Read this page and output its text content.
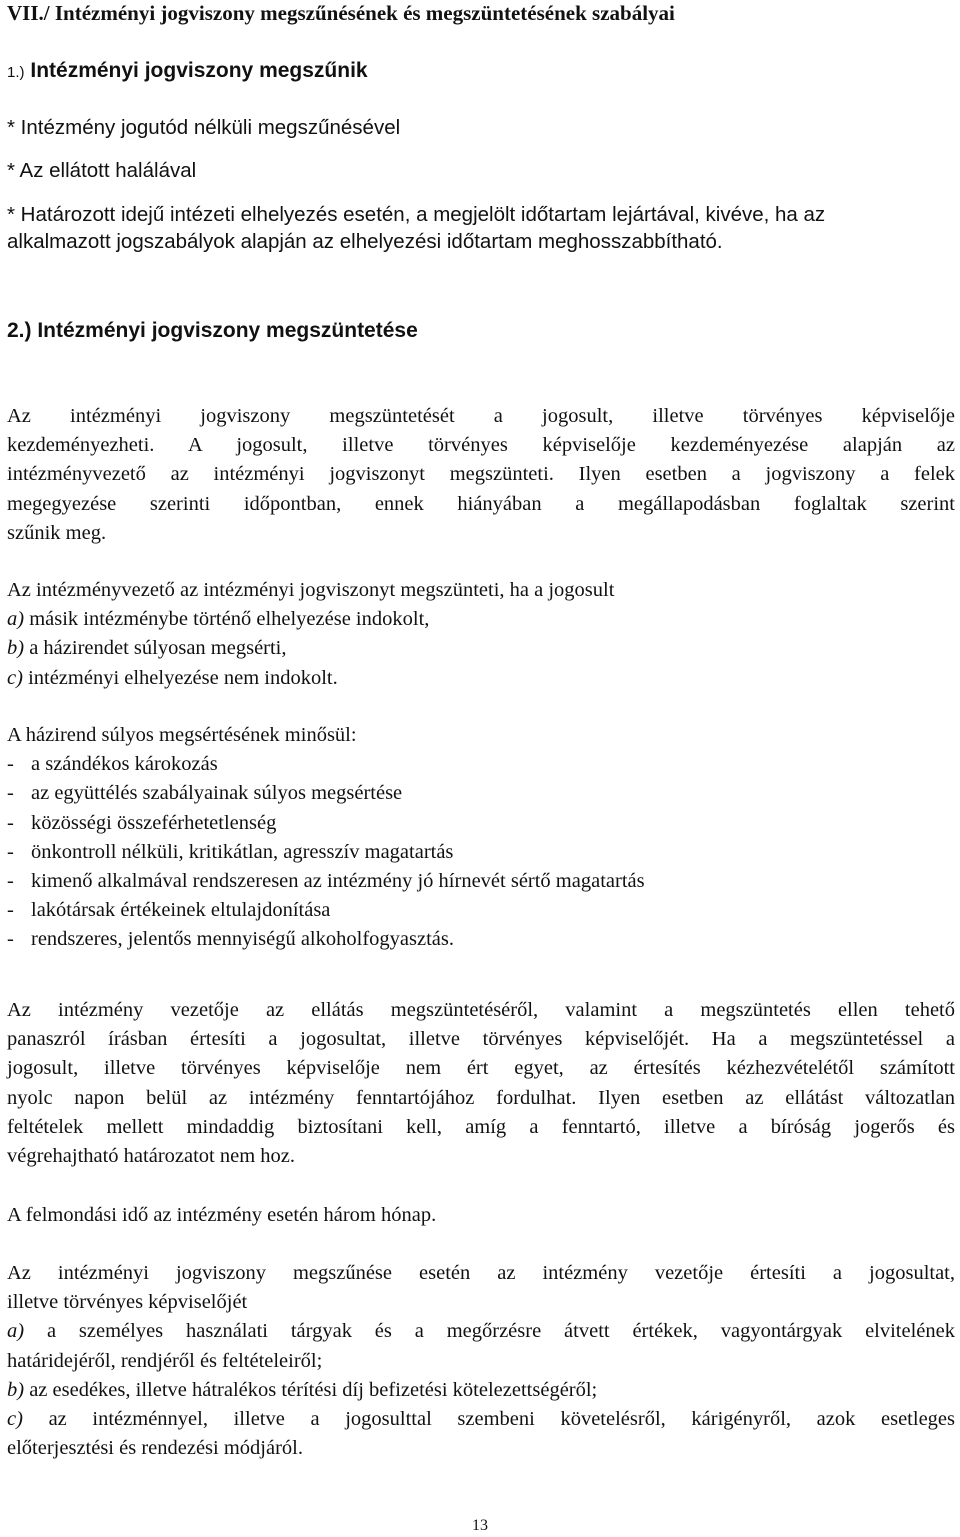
VII./ Intézményi jogviszony megszűnésének és megszüntetésének szabályai
1.) Intézményi jogviszony megszűnik
* Intézmény jogutód nélküli megszűnésével
* Az ellátott halálával
* Határozott idejű intézeti elhelyezés esetén, a megjelölt időtartam lejártával, kivéve, ha az
alkalmazott jogszabályok alapján az elhelyezési időtartam meghosszabbítható.
2.) Intézményi jogviszony megszüntetése
Az intézményi jogviszony megszüntetését a jogosult, illetve törvényes képviselője
kezdeményezheti. A jogosult, illetve törvényes képviselője kezdeményezése alapján az
intézményvezető az intézményi jogviszonyt megszünteti. Ilyen esetben a jogviszony a felek
megegyezése szerinti időpontban, ennek hiányában a megállapodásban foglaltak szerint
szűnik meg.
Az intézményvezető az intézményi jogviszonyt megszünteti, ha a jogosult
a) másik intézménybe történő elhelyezése indokolt,
b) a házirendet súlyosan megsérti,
c) intézményi elhelyezése nem indokolt.
A házirend súlyos megsértésének minősül:
- a szándékos károkozás
- az együttélés szabályainak súlyos megsértése
- közösségi összeférhetetlenség
- önkontroll nélküli, kritikátlan, agresszív magatartás
- kimenő alkalmával rendszeresen az intézmény jó hírnevét sértő magatartás
- lakótársak értékeinek eltulajdonítása
- rendszeres, jelentős mennyiségű alkoholfogyasztás.
Az intézmény vezetője az ellátás megszüntetéséről, valamint a megszüntetés ellen tehető
panaszról írásban értesíti a jogosultat, illetve törvényes képviselőjét. Ha a megszüntetéssel a
jogosult, illetve törvényes képviselője nem ért egyet, az értesítés kézhezvételétől számított
nyolc napon belül az intézmény fenntartójához fordulhat. Ilyen esetben az ellátást változatlan
feltételek mellett mindaddig biztosítani kell, amíg a fenntartó, illetve a bíróság jogerős és
végrehajtható határozatot nem hoz.
A felmondási idő az intézmény esetén három hónap.
Az intézményi jogviszony megszűnése esetén az intézmény vezetője értesíti a jogosultat,
illetve törvényes képviselőjét
a) a személyes használati tárgyak és a megőrzésre átvett értékek, vagyontárgyak elvitelének
határidejéről, rendjéről és feltételeiről;
b) az esedékes, illetve hátralékos térítési díj befizetési kötelezettségéről;
c) az intézménnyel, illetve a jogosulttal szembeni követelésről, kárigényről, azok esetleges
előterjesztési és rendezési módjáról.
13
